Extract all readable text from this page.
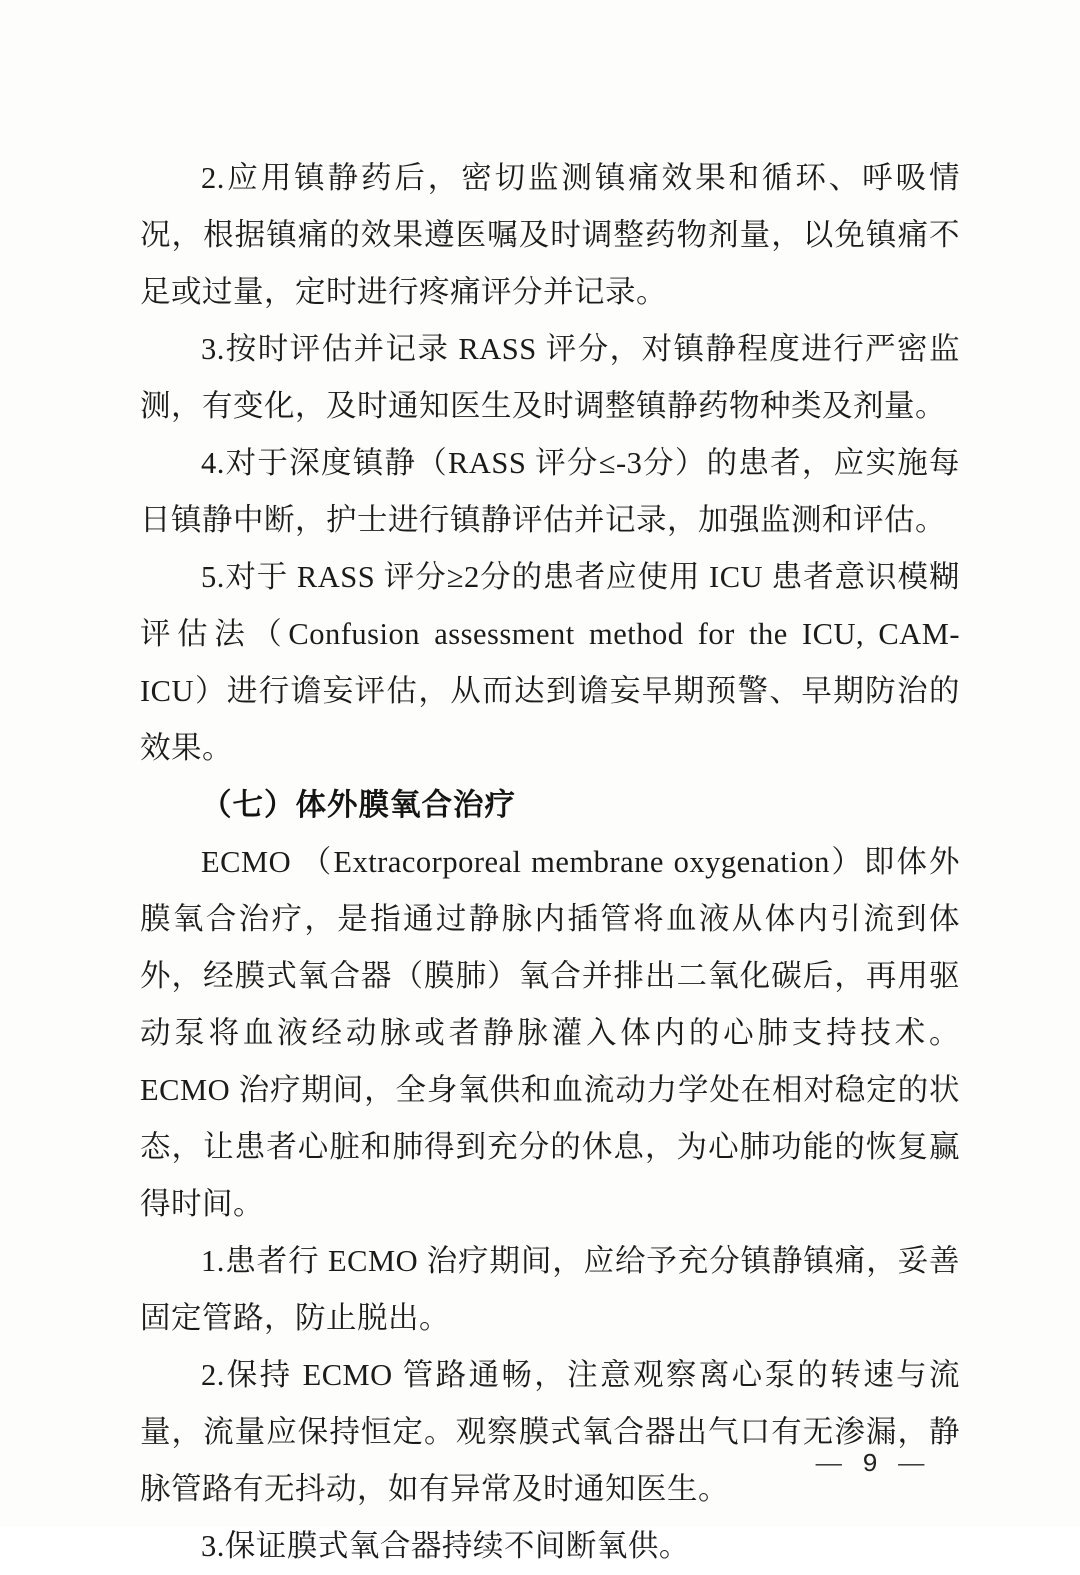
2.应用镇静药后，密切监测镇痛效果和循环、呼吸情况，根据镇痛的效果遵医嘱及时调整药物剂量，以免镇痛不足或过量，定时进行疼痛评分并记录。

3.按时评估并记录 RASS 评分，对镇静程度进行严密监测，有变化，及时通知医生及时调整镇静药物种类及剂量。

4.对于深度镇静（RASS 评分≤-3分）的患者，应实施每日镇静中断，护士进行镇静评估并记录，加强监测和评估。

5.对于 RASS 评分≥2分的患者应使用 ICU 患者意识模糊评估法（Confusion assessment method for the ICU, CAM-ICU）进行谵妄评估，从而达到谵妄早期预警、早期防治的效果。

（七）体外膜氧合治疗

ECMO （Extracorporeal membrane oxygenation）即体外膜氧合治疗，是指通过静脉内插管将血液从体内引流到体外，经膜式氧合器（膜肺）氧合并排出二氧化碳后，再用驱动泵将血液经动脉或者静脉灌入体内的心肺支持技术。ECMO 治疗期间，全身氧供和血流动力学处在相对稳定的状态，让患者心脏和肺得到充分的休息，为心肺功能的恢复赢得时间。

1.患者行 ECMO 治疗期间，应给予充分镇静镇痛，妥善固定管路，防止脱出。

2.保持 ECMO 管路通畅，注意观察离心泵的转速与流量，流量应保持恒定。观察膜式氧合器出气口有无渗漏，静脉管路有无抖动，如有异常及时通知医生。

3.保证膜式氧合器持续不间断氧供。

— 9 —
